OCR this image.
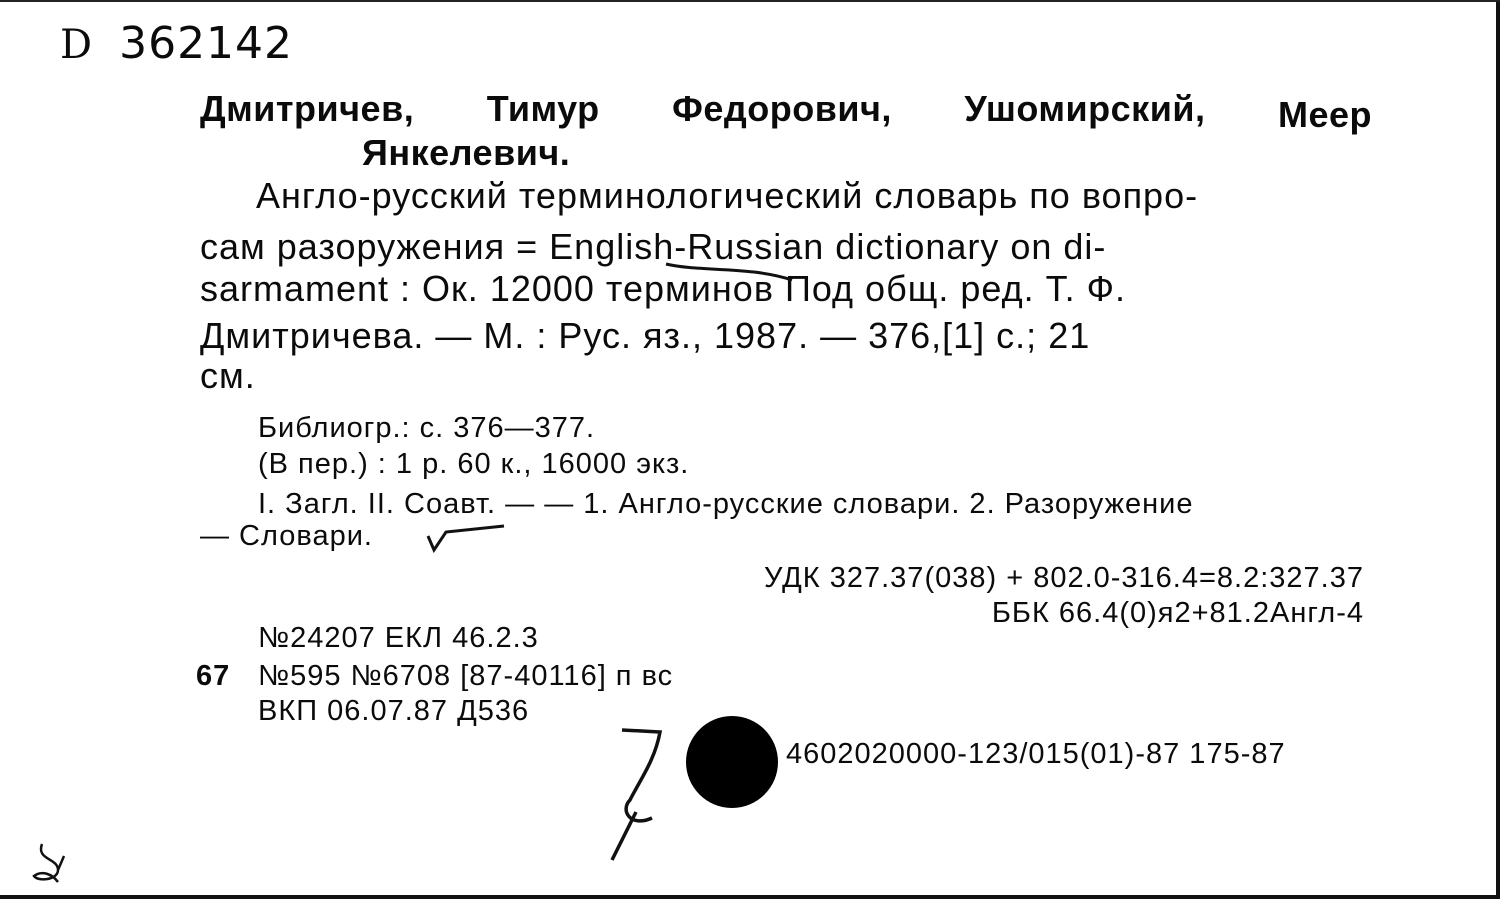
D 362142
Дмитричев, Тимур Федорович, Ушомирский, Меер
Янкелевич.
Англо-русский терминологический словарь по вопро-
сам разоружения = English-Russian dictionary on di-
sarmament : Ок. 12000 терминов Под общ. ред. Т. Ф.
Дмитричева. — М. : Рус. яз., 1987. — 376,[1] с.; 21
см.
Библиогр.: с. 376—377.
(В пер.) : 1 р. 60 к., 16000 экз.
I. Загл. II. Соавт. — — 1. Англо-русские словари. 2. Разоружение
— Словари.
УДК 327.37(038) + 802.0-316.4=8.2:327.37
ББК 66.4(0)я2+81.2Англ-4
№24207 ЕКЛ 46.2.3
67 №595 №6708 [87-40116] п вс
ВКП 06.07.87 Д536
4602020000-123/015(01)-87 175-87
